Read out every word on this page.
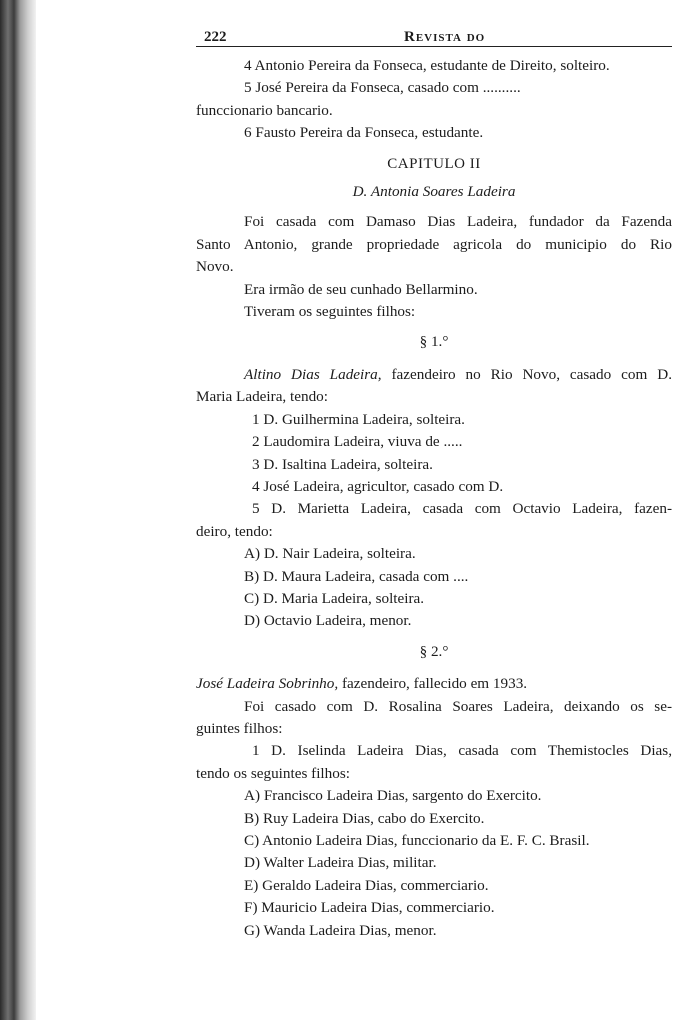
222	Revista do
4 Antonio Pereira da Fonseca, estudante de Direito, solteiro.
5 José Pereira da Fonseca, casado com ..........
funccionario bancario.
6 Fausto Pereira da Fonseca, estudante.
CAPITULO II
D. Antonia Soares Ladeira
Foi casada com Damaso Dias Ladeira, fundador da Fazenda
Santo Antonio, grande propriedade agricola do municipio do Rio
Novo.
Era irmão de seu cunhado Bellarmino.
Tiveram os seguintes filhos:
§ 1.°
Altino Dias Ladeira, fazendeiro no Rio Novo, casado com D.
Maria Ladeira, tendo:
1 D. Guilhermina Ladeira, solteira.
2 Laudomira Ladeira, viuva de .....
3 D. Isaltina Ladeira, solteira.
4 José Ladeira, agricultor, casado com D.
5 D. Marietta Ladeira, casada com Octavio Ladeira, fazen-
deiro, tendo:
A) D. Nair Ladeira, solteira.
B) D. Maura Ladeira, casada com ....
C) D. Maria Ladeira, solteira.
D) Octavio Ladeira, menor.
§ 2.°
José Ladeira Sobrinho, fazendeiro, fallecido em 1933.
Foi casado com D. Rosalina Soares Ladeira, deixando os se-
guintes filhos:
1 D. Iselinda Ladeira Dias, casada com Themistocles Dias,
tendo os seguintes filhos:
A) Francisco Ladeira Dias, sargento do Exercito.
B) Ruy Ladeira Dias, cabo do Exercito.
C) Antonio Ladeira Dias, funccionario da E. F. C. Brasil.
D) Walter Ladeira Dias, militar.
E) Geraldo Ladeira Dias, commerciario.
F) Mauricio Ladeira Dias, commerciario.
G) Wanda Ladeira Dias, menor.
